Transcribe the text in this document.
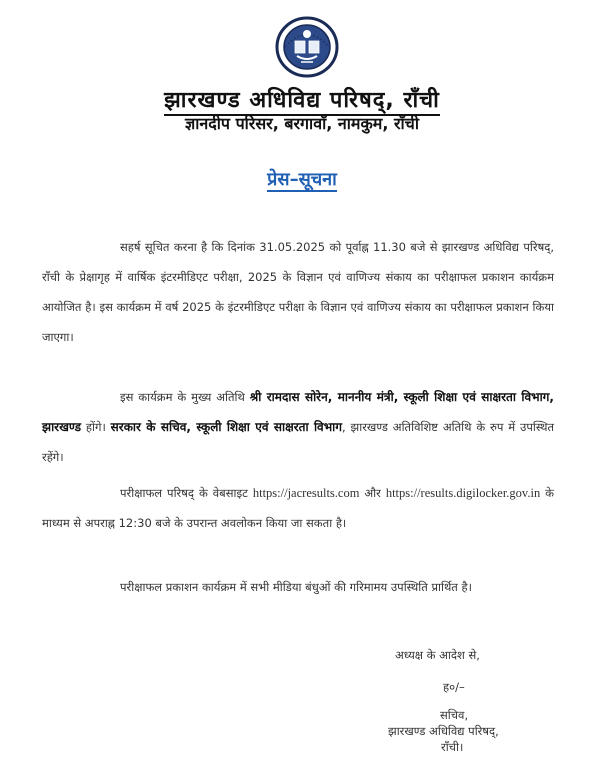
झारखण्ड अधिविद्य परिषद्, राँची
ज्ञानदीप परिसर, बरगावाँ, नामकुम, राँची
प्रेस–सूचना
सहर्ष सूचित करना है कि दिनांक 31.05.2025 को पूर्वाह्न 11.30 बजे से झारखण्ड अधिविद्य परिषद्, राँची के प्रेक्षागृह में वार्षिक इंटरमीडिएट परीक्षा, 2025 के विज्ञान एवं वाणिज्य संकाय का परीक्षाफल प्रकाशन कार्यक्रम आयोजित है। इस कार्यक्रम में वर्ष 2025 के इंटरमीडिएट परीक्षा के विज्ञान एवं वाणिज्य संकाय का परीक्षाफल प्रकाशन किया जाएगा।
इस कार्यक्रम के मुख्य अतिथि श्री रामदास सोरेन, माननीय मंत्री, स्कूली शिक्षा एवं साक्षरता विभाग, झारखण्ड होंगे। सरकार के सचिव, स्कूली शिक्षा एवं साक्षरता विभाग, झारखण्ड अतिविशिष्ट अतिथि के रुप में उपस्थित रहेंगे।
परीक्षाफल परिषद् के वेबसाइट https://jacresults.com और https://results.digilocker.gov.in के माध्यम से अपराह्न 12:30 बजे के उपरान्त अवलोकन किया जा सकता है।
परीक्षाफल प्रकाशन कार्यक्रम में सभी मीडिया बंधुओं की गरिमामय उपस्थिति प्रार्थित है।
अध्यक्ष के आदेश से,
ह०/–
सचिव,
झारखण्ड अधिविद्य परिषद्,
राँची।
